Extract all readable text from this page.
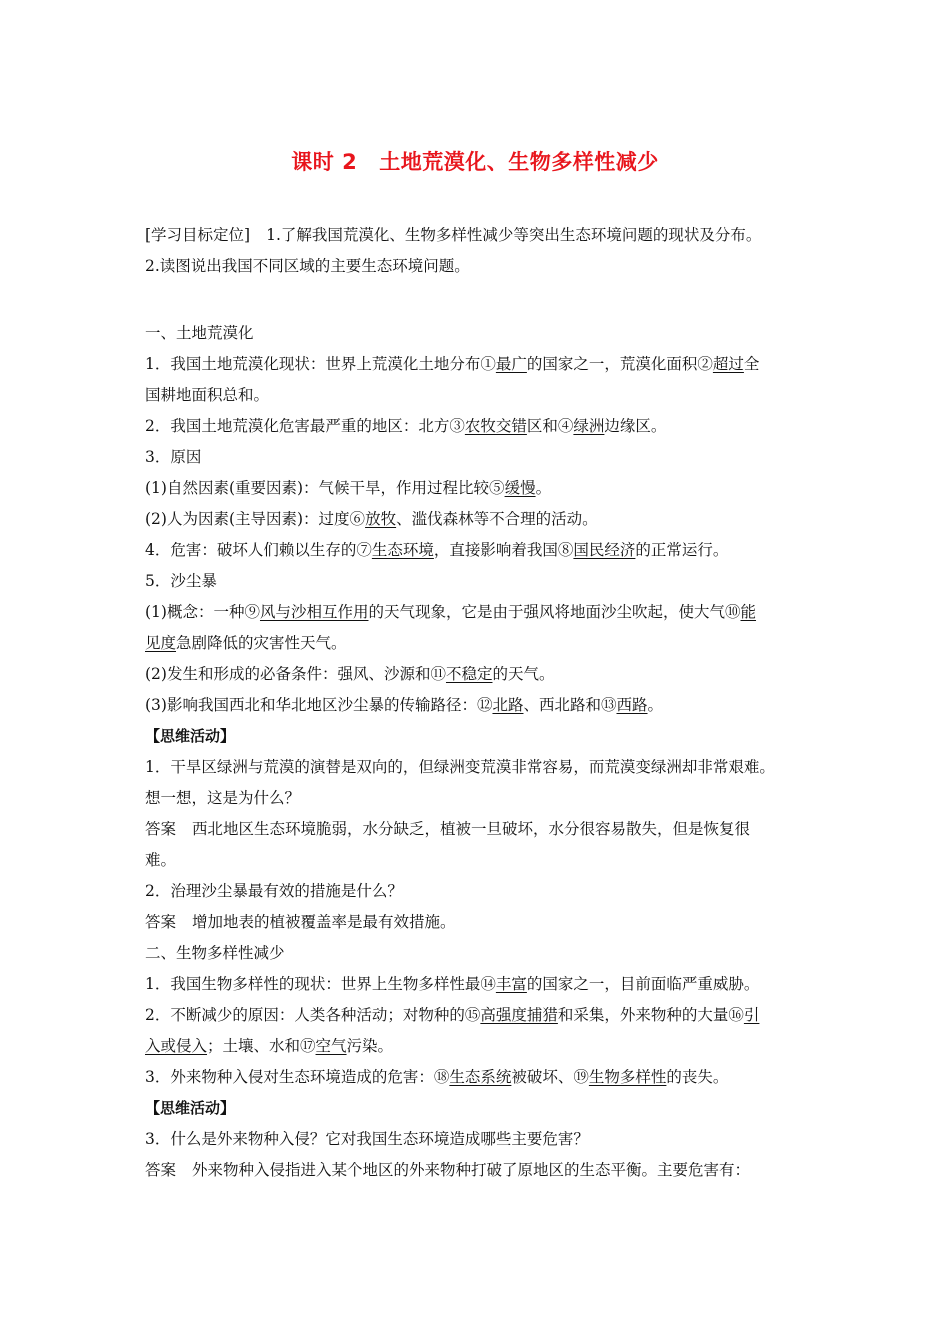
课时 2 土地荒漠化、生物多样性减少
[学习目标定位] 1.了解我国荒漠化、生物多样性减少等突出生态环境问题的现状及分布。
2.读图说出我国不同区域的主要生态环境问题。
一、土地荒漠化
1．我国土地荒漠化现状：世界上荒漠化土地分布①最广的国家之一，荒漠化面积②超过全
国耕地面积总和。
2．我国土地荒漠化危害最严重的地区：北方③农牧交错区和④绿洲边缘区。
3．原因
(1)自然因素(重要因素)：气候干旱，作用过程比较⑤缓慢。
(2)人为因素(主导因素)：过度⑥放牧、滥伐森林等不合理的活动。
4．危害：破坏人们赖以生存的⑦生态环境，直接影响着我国⑧国民经济的正常运行。
5．沙尘暴
(1)概念：一种⑨风与沙相互作用的天气现象，它是由于强风将地面沙尘吹起，使大气⑩能
见度急剧降低的灾害性天气。
(2)发生和形成的必备条件：强风、沙源和⑪不稳定的天气。
(3)影响我国西北和华北地区沙尘暴的传输路径：⑫北路、西北路和⑬西路。
【思维活动】
1．干旱区绿洲与荒漠的演替是双向的，但绿洲变荒漠非常容易，而荒漠变绿洲却非常艰难。
想一想，这是为什么？
答案 西北地区生态环境脆弱，水分缺乏，植被一旦破坏，水分很容易散失，但是恢复很
难。
2．治理沙尘暴最有效的措施是什么？
答案 增加地表的植被覆盖率是最有效措施。
二、生物多样性减少
1．我国生物多样性的现状：世界上生物多样性最⑭丰富的国家之一，目前面临严重威胁。
2．不断减少的原因：人类各种活动；对物种的⑮高强度捕猎和采集，外来物种的大量⑯引
入或侵入；土壤、水和⑰空气污染。
3．外来物种入侵对生态环境造成的危害：⑱生态系统被破坏、⑲生物多样性的丧失。
【思维活动】
3．什么是外来物种入侵？它对我国生态环境造成哪些主要危害？
答案 外来物种入侵指进入某个地区的外来物种打破了原地区的生态平衡。主要危害有：
